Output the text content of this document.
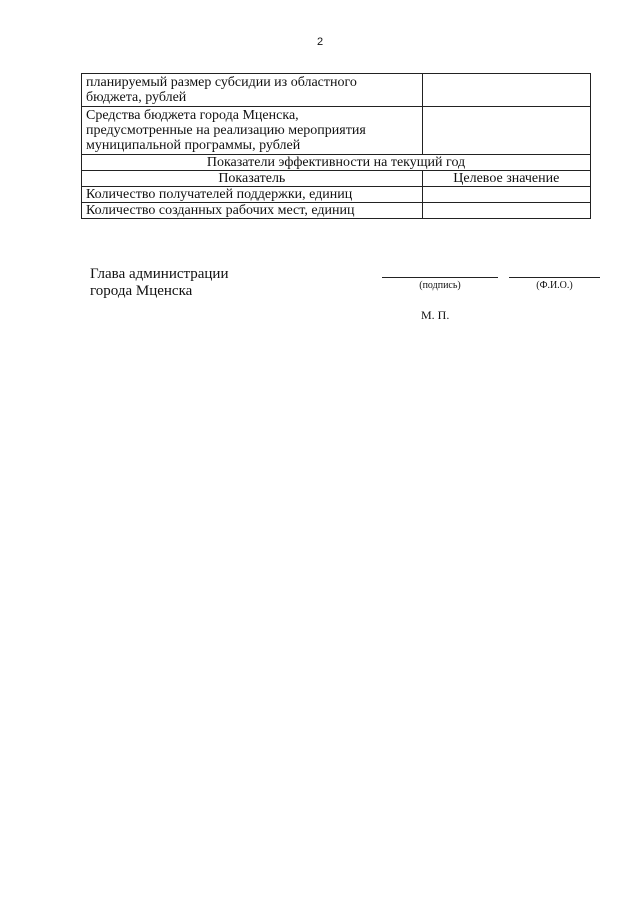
2
планируемый размер субсидии из областного
бюджета, рублей	

Средства бюджета города Мценска,
предусмотренные на реализацию мероприятия
муниципальной программы, рублей	

Показатели эффективности на текущий год	
Показатель	Целевое значение
Количество получателей поддержки, единиц	
Количество созданных рабочих мест, единиц	
Глава администрации
города Мценска	(подпись)	(Ф.И.О.)
М. П.
